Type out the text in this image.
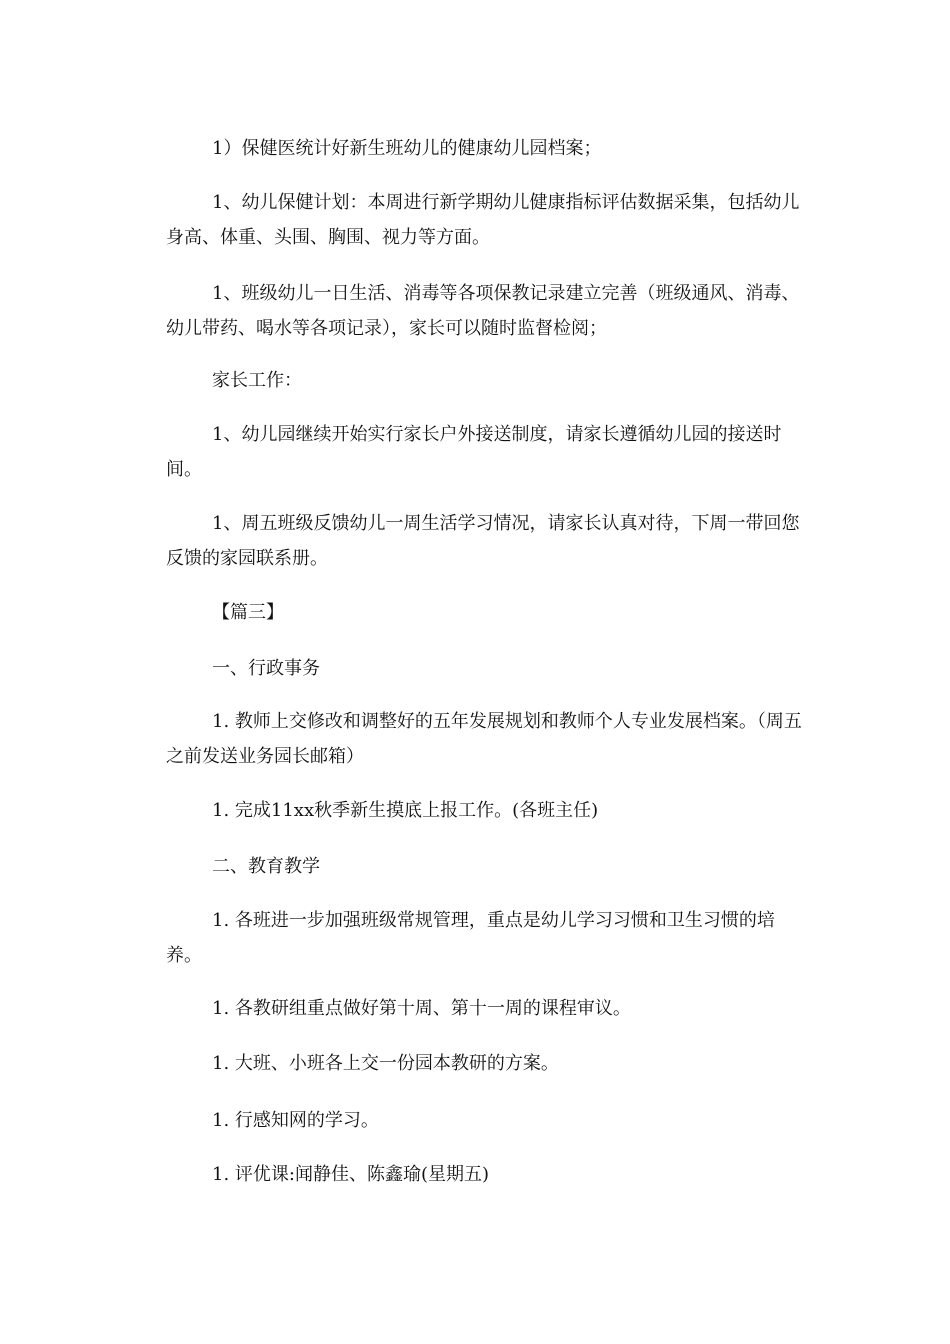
1）保健医统计好新生班幼儿的健康幼儿园档案；

1、幼儿保健计划：本周进行新学期幼儿健康指标评估数据采集，包括幼儿身高、体重、头围、胸围、视力等方面。

1、班级幼儿一日生活、消毒等各项保教记录建立完善（班级通风、消毒、幼儿带药、喝水等各项记录），家长可以随时监督检阅；

家长工作：

1、幼儿园继续开始实行家长户外接送制度，请家长遵循幼儿园的接送时间。

1、周五班级反馈幼儿一周生活学习情况，请家长认真对待，下周一带回您反馈的家园联系册。

【篇三】

一、行政事务

1. 教师上交修改和调整好的五年发展规划和教师个人专业发展档案。（周五之前发送业务园长邮箱）

1. 完成11xx秋季新生摸底上报工作。(各班主任)

二、教育教学

1. 各班进一步加强班级常规管理，重点是幼儿学习习惯和卫生习惯的培养。

1. 各教研组重点做好第十周、第十一周的课程审议。

1. 大班、小班各上交一份园本教研的方案。

1. 行感知网的学习。

1. 评优课:闻静佳、陈鑫瑜(星期五)
